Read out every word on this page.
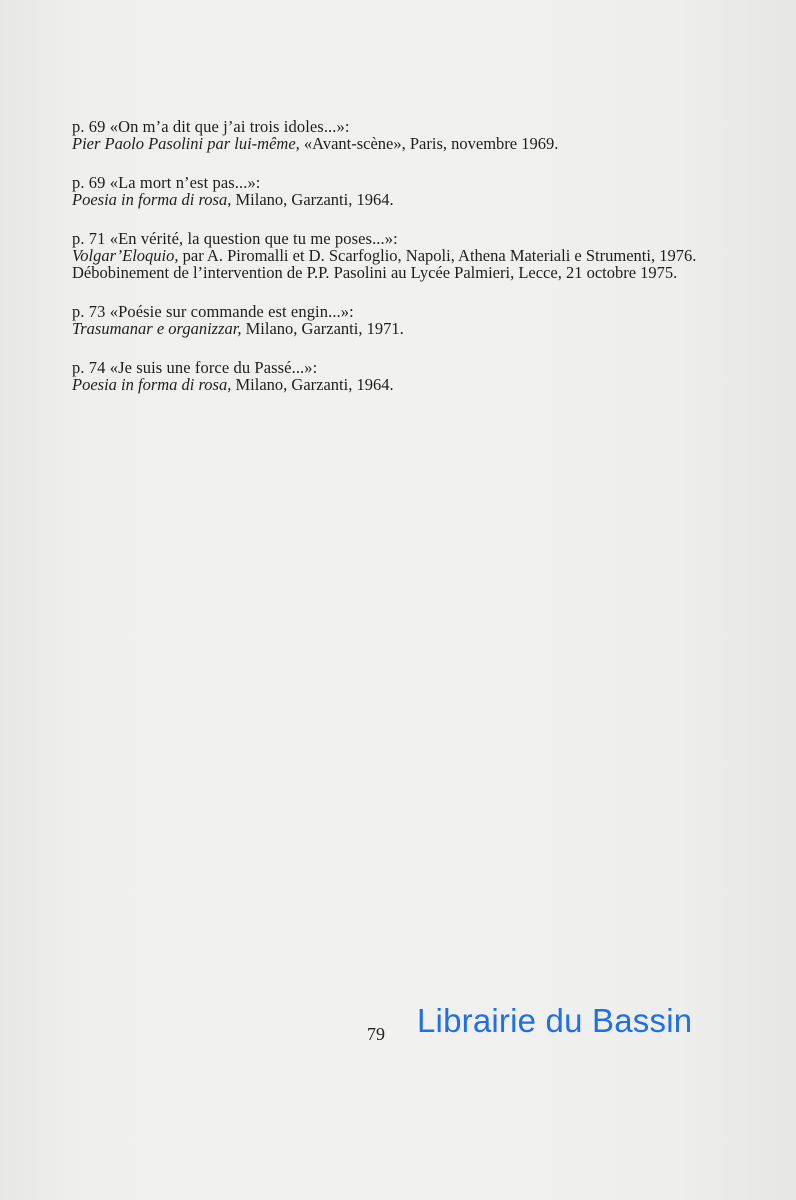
p. 69 «On m’a dit que j’ai trois idoles...»:
Pier Paolo Pasolini par lui-même, «Avant-scène», Paris, novembre 1969.
p. 69 «La mort n’est pas...»:
Poesia in forma di rosa, Milano, Garzanti, 1964.
p. 71 «En vérité, la question que tu me poses...»:
Volgar’Eloquio, par A. Piromalli et D. Scarfoglio, Napoli, Athena Materiali e Strumenti, 1976. Débobinement de l’intervention de P.P. Pasolini au Lycée Palmieri, Lecce, 21 octobre 1975.
p. 73 «Poésie sur commande est engin...»:
Trasumanar e organizzar, Milano, Garzanti, 1971.
p. 74 «Je suis une force du Passé...»:
Poesia in forma di rosa, Milano, Garzanti, 1964.
79 Librairie du Bassin
